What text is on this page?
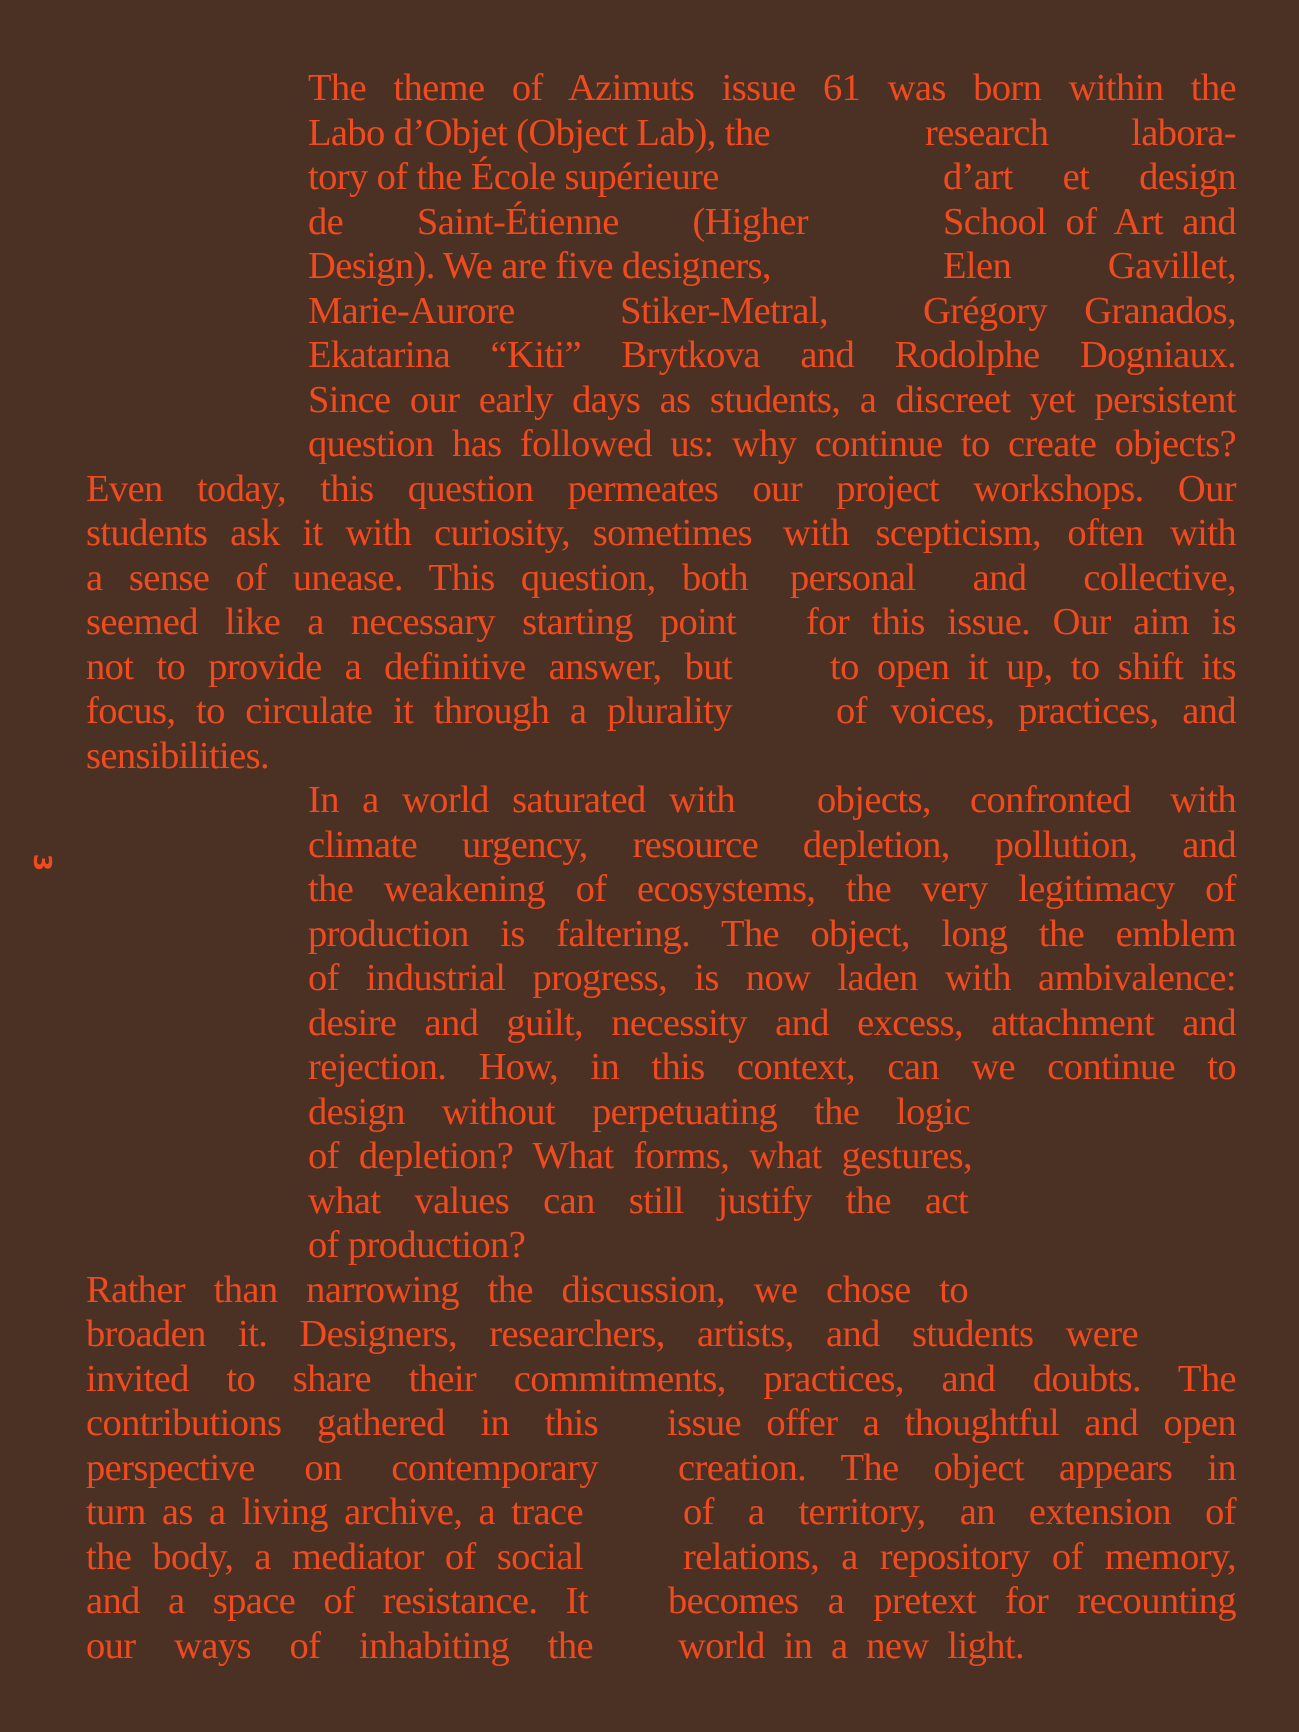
3
The theme of Azimuts issue 61 was born within the
Labo d’Objet (Object Lab), the	research labora-
tory of the École supérieure	d’art et design
de Saint-Étienne (Higher	School of Art and
Design). We are five designers,	Elen Gavillet,
Marie-Aurore Stiker-Metral, Grégory Granados,
Ekatarina “Kiti” Brytkova and Rodolphe Dogniaux.
Since our early days as students, a discreet yet persistent
question has followed us: why continue to create objects?
Even today, this question permeates our project workshops. Our
students ask it with curiosity, sometimes with scepticism, often with
a sense of unease. This question, both personal and collective,
seemed like a necessary starting point for this issue. Our aim is
not to provide a definitive answer, but	to open it up, to shift its
focus, to circulate it through a plurality	of voices, practices, and
sensibilities.
In a world saturated with objects, confronted with
climate urgency, resource depletion, pollution, and
the weakening of ecosystems, the very legitimacy of
production is faltering. The object, long the emblem
of industrial progress, is now laden with ambivalence:
desire and guilt, necessity and excess, attachment and
rejection. How, in this context, can we continue to
design without perpetuating the logic
of depletion? What forms, what gestures,
what values can still justify the act
of production?
Rather than narrowing the discussion, we chose to
broaden it. Designers, researchers, artists, and students were
invited to share their commitments, practices, and doubts. The
contributions gathered in this issue offer a thoughtful and open
perspective on contemporary creation. The object appears in
turn as a living archive, a trace	of a territory, an extension of
the body, a mediator of social	relations, a repository of memory,
and a space of resistance. It becomes a pretext for recounting
our ways of inhabiting the world in a new light.
